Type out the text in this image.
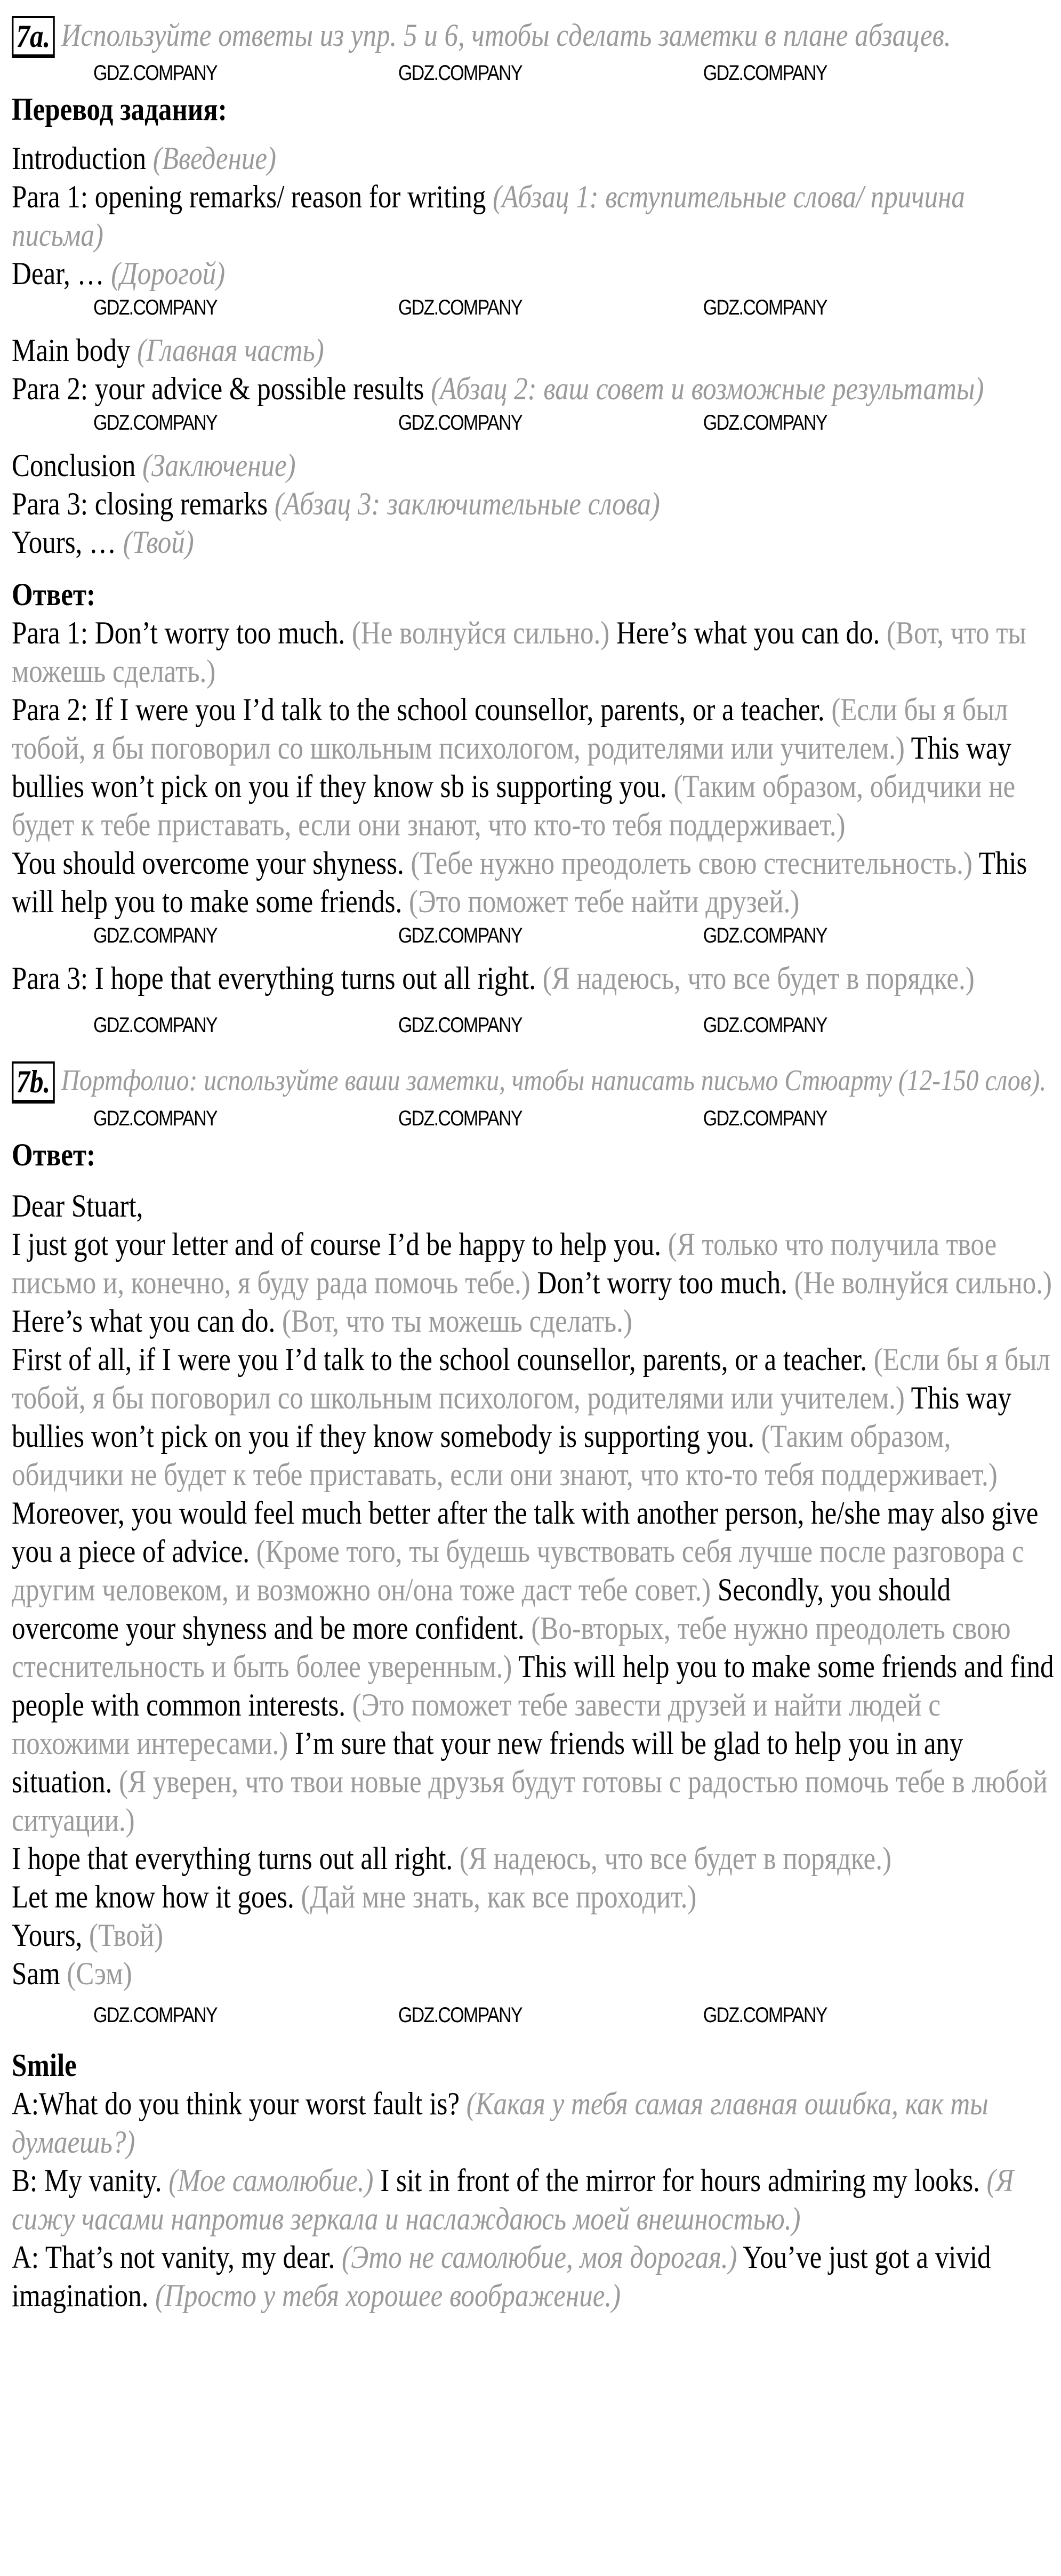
7a. Используйте ответы из упр. 5 и 6, чтобы сделать заметки в плане абзацев.
GDZ.COMPANY	GDZ.COMPANY	GDZ.COMPANY

Перевод задания:

Introduction (Введение)

Para 1: opening remarks/ reason for writing (Абзац 1: вступительные слова/ причина письма)

Dear, … (Дорогой)

GDZ.COMPANY	GDZ.COMPANY	GDZ.COMPANY

Main body (Главная часть)

Para 2: your advice & possible results (Абзац 2: ваш совет и возможные результаты)

GDZ.COMPANY	GDZ.COMPANY	GDZ.COMPANY

Conclusion (Заключение)

Para 3: closing remarks (Абзац 3: заключительные слова)

Yours, … (Твой)

Ответ:

Para 1: Don’t worry too much. (Не волнуйся сильно.) Here’s what you can do. (Вот, что ты можешь сделать.)

Para 2: If I were you I’d talk to the school counsellor, parents, or a teacher. (Если бы я был тобой, я бы поговорил со школьным психологом, родителями или учителем.) This way bullies won’t pick on you if they know sb is supporting you. (Таким образом, обидчики не будет к тебе приставать, если они знают, что кто-то тебя поддерживает.)

You should overcome your shyness. (Тебе нужно преодолеть свою стеснительность.) This will help you to make some friends. (Это поможет тебе найти друзей.)

GDZ.COMPANY	GDZ.COMPANY	GDZ.COMPANY

Para 3: I hope that everything turns out all right. (Я надеюсь, что все будет в порядке.)

GDZ.COMPANY	GDZ.COMPANY	GDZ.COMPANY
7b. Портфолио: используйте ваши заметки, чтобы написать письмо Стюарту (12-150 слов).
GDZ.COMPANY	GDZ.COMPANY	GDZ.COMPANY

Ответ:

Dear Stuart,

I just got your letter and of course I’d be happy to help you. (Я только что получила твое письмо и, конечно, я буду рада помочь тебе.) Don’t worry too much. (Не волнуйся сильно.) Here’s what you can do. (Вот, что ты можешь сделать.)

First of all, if I were you I’d talk to the school counsellor, parents, or a teacher. (Если бы я был тобой, я бы поговорил со школьным психологом, родителями или учителем.) This way bullies won’t pick on you if they know somebody is supporting you. (Таким образом, обидчики не будет к тебе приставать, если они знают, что кто-то тебя поддерживает.) Moreover, you would feel much better after the talk with another person, he/she may also give you a piece of advice. (Кроме того, ты будешь чувствовать себя лучше после разговора с другим человеком, и возможно он/она тоже даст тебе совет.) Secondly, you should overcome your shyness and be more confident. (Во-вторых, тебе нужно преодолеть свою стеснительность и быть более уверенным.) This will help you to make some friends and find people with common interests. (Это поможет тебе завести друзей и найти людей с похожими интересами.) I’m sure that your new friends will be glad to help you in any situation. (Я уверен, что твои новые друзья будут готовы с радостью помочь тебе в любой ситуации.)

I hope that everything turns out all right. (Я надеюсь, что все будет в порядке.)

Let me know how it goes. (Дай мне знать, как все проходит.)

Yours, (Твой)

Sam (Сэм)

GDZ.COMPANY	GDZ.COMPANY	GDZ.COMPANY

Smile

A:What do you think your worst fault is? (Какая у тебя самая главная ошибка, как ты думаешь?)

B: My vanity. (Мое самолюбие.) I sit in front of the mirror for hours admiring my looks. (Я сижу часами напротив зеркала и наслаждаюсь моей внешностью.)

A: That’s not vanity, my dear. (Это не самолюбие, моя дорогая.) You’ve just got a vivid imagination. (Просто у тебя хорошее воображение.)
